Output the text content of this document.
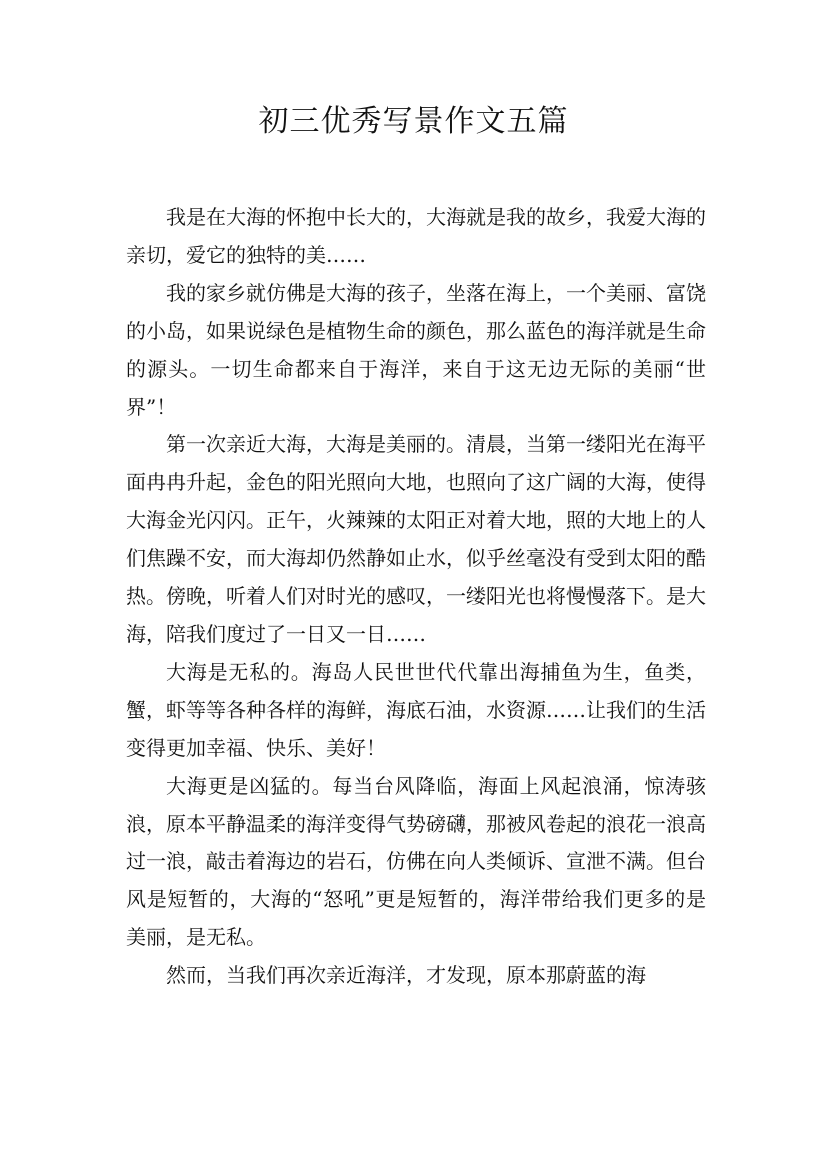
初三优秀写景作文五篇

我是在大海的怀抱中长大的，大海就是我的故乡，我爱大海的亲切，爱它的独特的美……

我的家乡就仿佛是大海的孩子，坐落在海上，一个美丽、富饶的小岛，如果说绿色是植物生命的颜色，那么蓝色的海洋就是生命的源头。一切生命都来自于海洋，来自于这无边无际的美丽“世界”！

第一次亲近大海，大海是美丽的。清晨，当第一缕阳光在海平面冉冉升起，金色的阳光照向大地，也照向了这广阔的大海，使得大海金光闪闪。正午，火辣辣的太阳正对着大地，照的大地上的人们焦躁不安，而大海却仍然静如止水，似乎丝毫没有受到太阳的酷热。傍晚，听着人们对时光的感叹，一缕阳光也将慢慢落下。是大海，陪我们度过了一日又一日……

大海是无私的。海岛人民世世代代靠出海捕鱼为生，鱼类，蟹，虾等等各种各样的海鲜，海底石油，水资源……让我们的生活变得更加幸福、快乐、美好！

大海更是凶猛的。每当台风降临，海面上风起浪涌，惊涛骇浪，原本平静温柔的海洋变得气势磅礴，那被风卷起的浪花一浪高过一浪，敲击着海边的岩石，仿佛在向人类倾诉、宣泄不满。但台风是短暂的，大海的“怒吼”更是短暂的，海洋带给我们更多的是美丽，是无私。

然而，当我们再次亲近海洋，才发现，原本那蔚蓝的海
